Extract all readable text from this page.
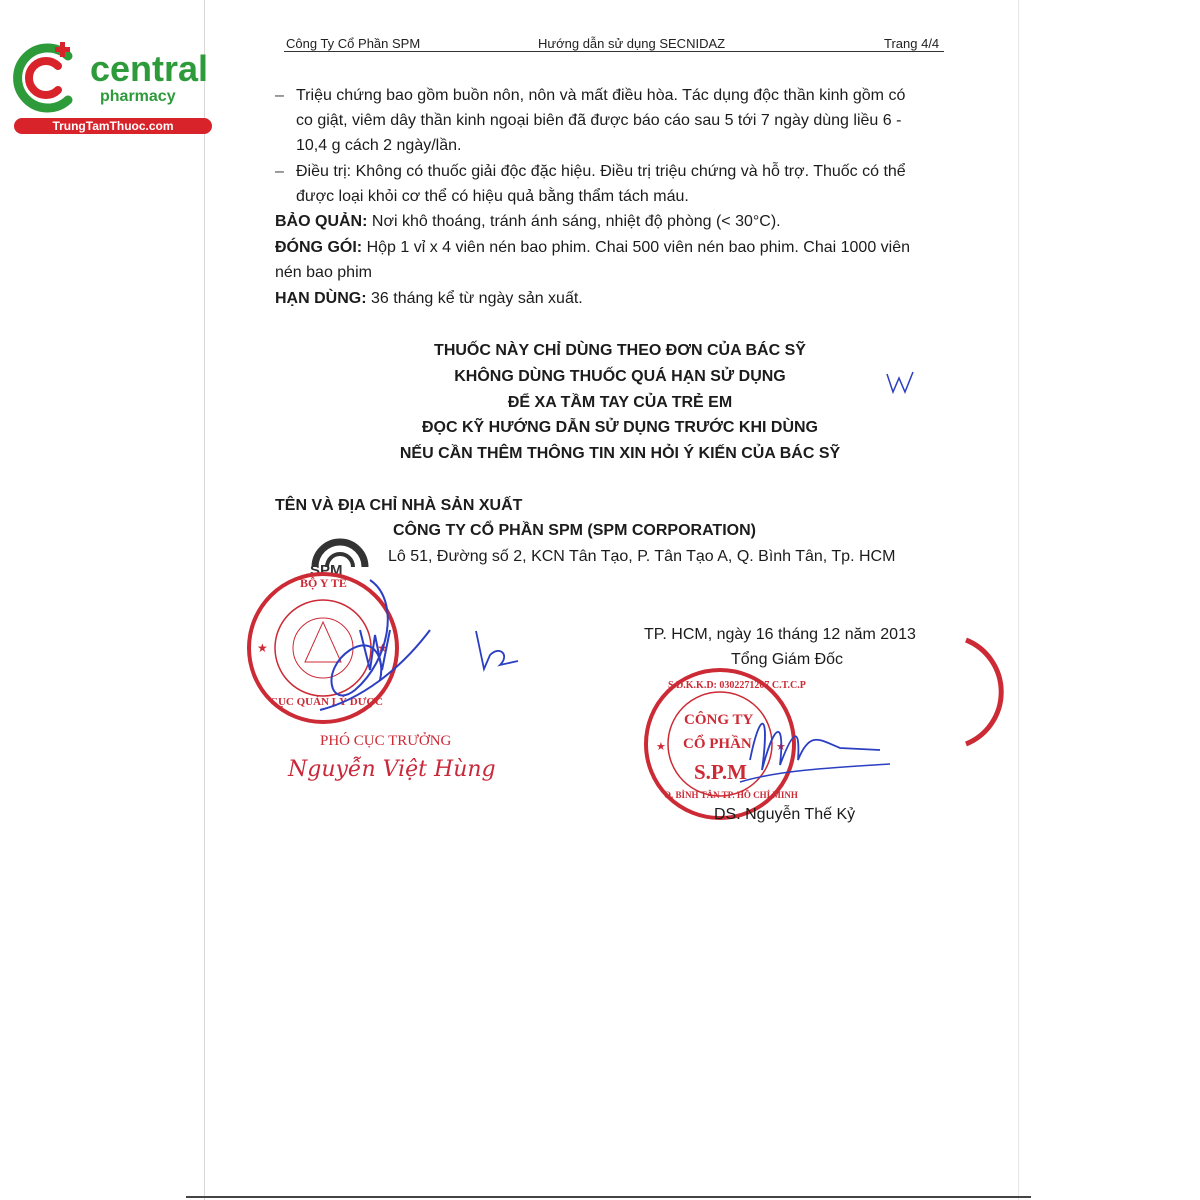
central
pharmacy
TrungTamThuoc.com
Công Ty Cổ Phần SPM	Hướng dẫn sử dụng SECNIDAZ	Trang 4/4
– Triệu chứng bao gồm buồn nôn, nôn và mất điều hòa. Tác dụng độc thần kinh gồm có
co giật, viêm dây thần kinh ngoại biên đã được báo cáo sau 5 tới 7 ngày dùng liều 6 -
10,4 g cách 2 ngày/lần.
– Điều trị: Không có thuốc giải độc đặc hiệu. Điều trị triệu chứng và hỗ trợ. Thuốc có thể
được loại khỏi cơ thể có hiệu quả bằng thẩm tách máu.
BẢO QUẢN: Nơi khô thoáng, tránh ánh sáng, nhiệt độ phòng (< 30°C).
ĐÓNG GÓI: Hộp 1 vỉ x 4 viên nén bao phim. Chai 500 viên nén bao phim. Chai 1000 viên
nén bao phim
HẠN DÙNG: 36 tháng kể từ ngày sản xuất.
THUỐC NÀY CHỈ DÙNG THEO ĐƠN CỦA BÁC SỸ
KHÔNG DÙNG THUỐC QUÁ HẠN SỬ DỤNG
ĐỂ XA TẦM TAY CỦA TRẺ EM
ĐỌC KỸ HƯỚNG DẪN SỬ DỤNG TRƯỚC KHI DÙNG
NẾU CẦN THÊM THÔNG TIN XIN HỎI Ý KIẾN CỦA BÁC SỸ
TÊN VÀ ĐỊA CHỈ NHÀ SẢN XUẤT
CÔNG TY CỔ PHẦN SPM (SPM CORPORATION)
Lô 51, Đường số 2, KCN Tân Tạo, P. Tân Tạo A, Q. Bình Tân, Tp. HCM
SPM
★	★
BỘ Y TẾ
CỤC QUẢN LÝ DƯỢC
PHÓ CỤC TRƯỞNG
Nguyễn Việt Hùng
TP. HCM, ngày 16 tháng 12 năm 2013
Tổng Giám Đốc
★	★
S.Đ.K.K.D: 0302271207 C.T.C.P
CÔNG TY
CỔ PHẦN
S.P.M
Q. BÌNH TÂN TP. HỒ CHÍ MINH
DS. Nguyễn Thế Kỷ
